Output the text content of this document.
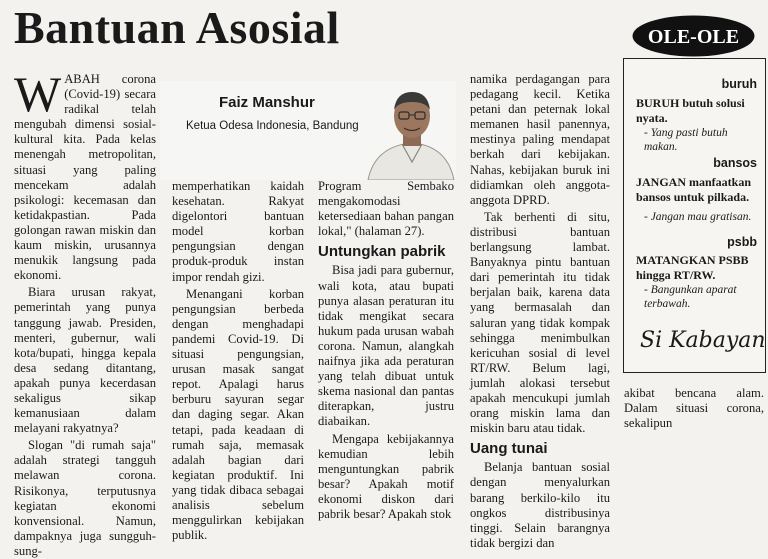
Bantuan Asosial

WABAH corona (Covid-19) secara radikal telah mengubah dimensi sosial-kultural kita. Pada kelas menengah metropolitan, situasi yang paling mencekam adalah psikologi: kecemasan dan ketidakpastian. Pada golongan rawan miskin dan kaum miskin, urusannya menukik langsung pada ekonomi.

Biara urusan rakyat, pemerintah yang punya tanggung jawab. Presiden, menteri, gubernur, wali kota/bupati, hingga kepala desa sedang ditantang, apakah punya kecerdasan sekaligus sikap kemanusiaan dalam melayani rakyatnya?

Slogan "di rumah saja" adalah strategi tangguh melawan corona. Risikonya, terputusnya kegiatan ekonomi konvensional. Namun, dampaknya juga sungguh-sung-

Faiz Manshur
Ketua Odesa Indonesia, Bandung

memperhatikan kaidah kesehatan. Rakyat digelontori bantuan model korban pengungsian dengan produk-produk instan impor rendah gizi.

Menangani korban pengungsian berbeda dengan menghadapi pandemi Covid-19. Di situasi pengungsian, urusan masak sangat repot. Apalagi harus berburu sayuran segar dan daging segar. Akan tetapi, pada keadaan di rumah saja, memasak adalah bagian dari kegiatan produktif. Ini yang tidak dibaca sebagai analisis sebelum menggulirkan kebijakan publik.

Program Sembako mengakomodasi ketersediaan bahan pangan lokal," (halaman 27).

Untungkan pabrik

Bisa jadi para gubernur, wali kota, atau bupati punya alasan peraturan itu tidak mengikat secara hukum pada urusan wabah corona. Namun, alangkah naifnya jika ada peraturan yang telah dibuat untuk skema nasional dan pantas diterapkan, justru diabaikan.

Mengapa kebijakannya kemudian lebih menguntungkan pabrik besar? Apakah motif ekonomi diskon dari pabrik besar? Apakah stok

namika perdagangan para pedagang kecil. Ketika petani dan peternak lokal memanen hasil panennya, mestinya paling mendapat berkah dari kebijakan. Nahas, kebijakan buruk ini didiamkan oleh anggota-anggota DPRD.

Tak berhenti di situ, distribusi bantuan berlangsung lambat. Banyaknya pintu bantuan dari pemerintah itu tidak berjalan baik, karena data yang bermasalah dan saluran yang tidak kompak sehingga menimbulkan kericuhan sosial di level RT/RW. Belum lagi, jumlah alokasi tersebut apakah mencukupi jumlah orang miskin lama dan miskin baru atau tidak.

Uang tunai

Belanja bantuan sosial dengan menyalurkan barang berkilo-kilo itu ongkos distribusinya tinggi. Selain barangnya tidak bergizi dan

akibat bencana alam. Dalam situasi corona, sekalipun

OLE-OLE
buruh
BURUH butuh solusi nyata.
- Yang pasti butuh makan.
bansos
JANGAN manfaatkan bansos untuk pilkada.
- Jangan mau gratisan.
psbb
MATANGKAN PSBB hingga RT/RW.
- Bangunkan aparat terbawah.
Si Kabayan
